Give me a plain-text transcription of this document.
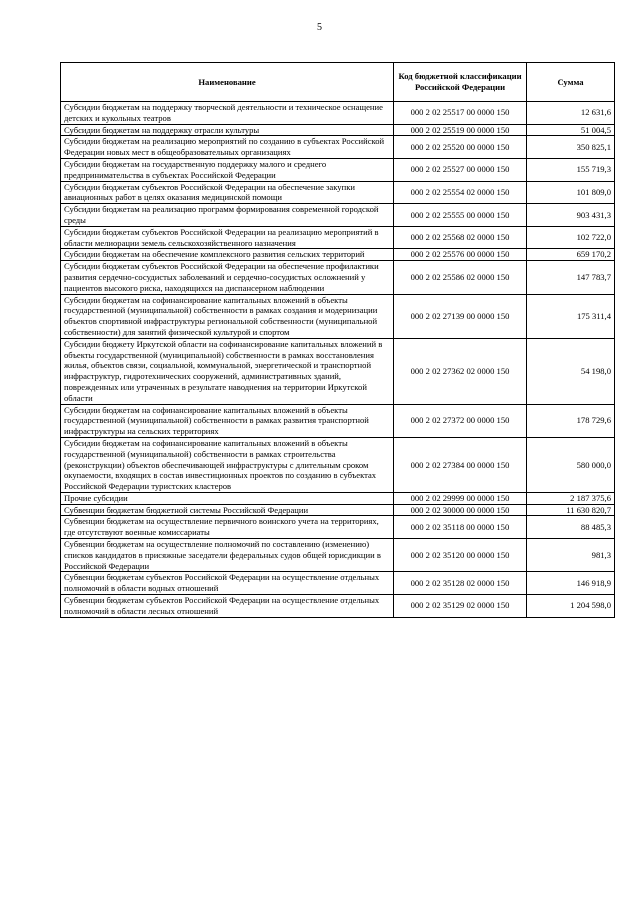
5
Наименование	Код бюджетной классификации Российской Федерации	Сумма
Субсидии бюджетам на поддержку творческой деятельности и техническое оснащение детских и кукольных театров	000 2 02 25517 00 0000 150	12 631,6
Субсидии бюджетам на поддержку отрасли культуры	000 2 02 25519 00 0000 150	51 004,5
Субсидии бюджетам на реализацию мероприятий по созданию в субъектах Российской Федерации новых мест в общеобразовательных организациях	000 2 02 25520 00 0000 150	350 825,1
Субсидии бюджетам на государственную поддержку малого и среднего предпринимательства в субъектах Российской Федерации	000 2 02 25527 00 0000 150	155 719,3
Субсидии бюджетам субъектов Российской Федерации на обеспечение закупки авиационных работ в целях оказания медицинской помощи	000 2 02 25554 02 0000 150	101 809,0
Субсидии бюджетам на реализацию программ формирования современной городской среды	000 2 02 25555 00 0000 150	903 431,3
Субсидии бюджетам субъектов Российской Федерации на реализацию мероприятий в области мелиорации земель сельскохозяйственного назначения	000 2 02 25568 02 0000 150	102 722,0
Субсидии бюджетам на обеспечение комплексного развития сельских территорий	000 2 02 25576 00 0000 150	659 170,2
Субсидии бюджетам субъектов Российской Федерации на обеспечение профилактики развития сердечно-сосудистых заболеваний и сердечно-сосудистых осложнений у пациентов высокого риска, находящихся на диспансерном наблюдении	000 2 02 25586 02 0000 150	147 783,7
Субсидии бюджетам на софинансирование капитальных вложений в объекты государственной (муниципальной) собственности в рамках создания и модернизации объектов спортивной инфраструктуры региональной собственности (муниципальной собственности) для занятий физической культурой и спортом	000 2 02 27139 00 0000 150	175 311,4
Субсидии бюджету Иркутской области на софинансирование капитальных вложений в объекты государственной (муниципальной) собственности в рамках восстановления жилья, объектов связи, социальной, коммунальной, энергетической и транспортной инфраструктур, гидротехнических сооружений, административных зданий, поврежденных или утраченных в результате наводнения на территории Иркутской области	000 2 02 27362 02 0000 150	54 198,0
Субсидии бюджетам на софинансирование капитальных вложений в объекты государственной (муниципальной) собственности в рамках развития транспортной инфраструктуры на сельских территориях	000 2 02 27372 00 0000 150	178 729,6
Субсидии бюджетам на софинансирование капитальных вложений в объекты государственной (муниципальной) собственности в рамках строительства (реконструкции) объектов обеспечивающей инфраструктуры с длительным сроком окупаемости, входящих в состав инвестиционных проектов по созданию в субъектах Российской Федерации туристских кластеров	000 2 02 27384 00 0000 150	580 000,0
Прочие субсидии	000 2 02 29999 00 0000 150	2 187 375,6
Субвенции бюджетам бюджетной системы Российской Федерации	000 2 02 30000 00 0000 150	11 630 820,7
Субвенции бюджетам на осуществление первичного воинского учета на территориях, где отсутствуют военные комиссариаты	000 2 02 35118 00 0000 150	88 485,3
Субвенции бюджетам на осуществление полномочий по составлению (изменению) списков кандидатов в присяжные заседатели федеральных судов общей юрисдикции в Российской Федерации	000 2 02 35120 00 0000 150	981,3
Субвенции бюджетам субъектов Российской Федерации на осуществление отдельных полномочий в области водных отношений	000 2 02 35128 02 0000 150	146 918,9
Субвенции бюджетам субъектов Российской Федерации на осуществление отдельных полномочий в области лесных отношений	000 2 02 35129 02 0000 150	1 204 598,0
